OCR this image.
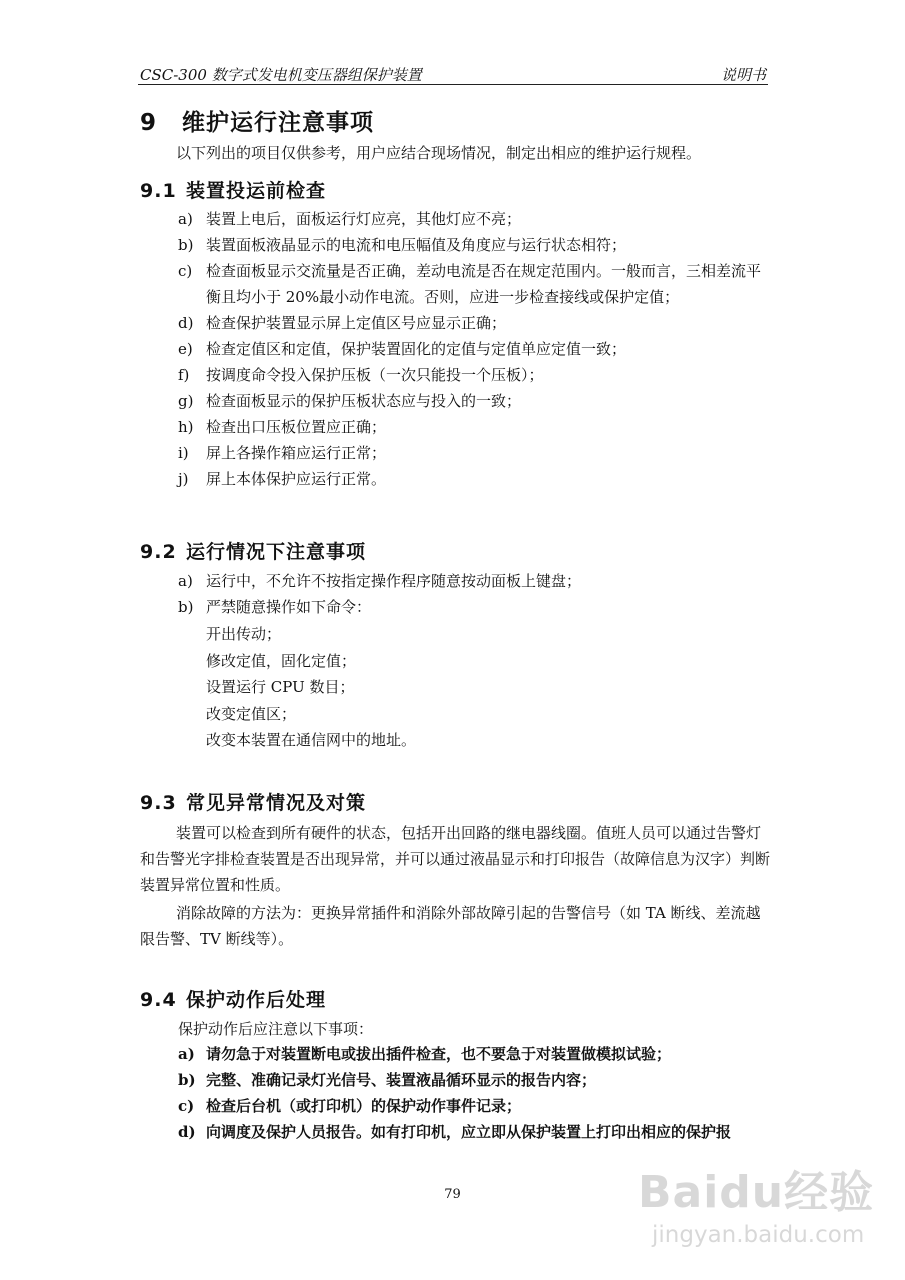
CSC-300 数字式发电机变压器组保护装置	说明书
9 维护运行注意事项
以下列出的项目仅供参考，用户应结合现场情况，制定出相应的维护运行规程。
9.1 装置投运前检查
a) 装置上电后，面板运行灯应亮，其他灯应不亮；
b) 装置面板液晶显示的电流和电压幅值及角度应与运行状态相符；
c) 检查面板显示交流量是否正确，差动电流是否在规定范围内。一般而言，三相差流平衡且均小于 20%最小动作电流。否则，应进一步检查接线或保护定值；
d) 检查保护装置显示屏上定值区号应显示正确；
e) 检查定值区和定值，保护装置固化的定值与定值单应定值一致；
f) 按调度命令投入保护压板（一次只能投一个压板）；
g) 检查面板显示的保护压板状态应与投入的一致；
h) 检查出口压板位置应正确；
i) 屏上各操作箱应运行正常；
j) 屏上本体保护应运行正常。
9.2 运行情况下注意事项
a) 运行中，不允许不按指定操作程序随意按动面板上键盘；
b) 严禁随意操作如下命令：
开出传动；
修改定值，固化定值；
设置运行 CPU 数目；
改变定值区；
改变本装置在通信网中的地址。
9.3 常见异常情况及对策
装置可以检查到所有硬件的状态，包括开出回路的继电器线圈。值班人员可以通过告警灯和告警光字排检查装置是否出现异常，并可以通过液晶显示和打印报告（故障信息为汉字）判断装置异常位置和性质。
消除故障的方法为：更换异常插件和消除外部故障引起的告警信号（如 TA 断线、差流越限告警、TV 断线等）。
9.4 保护动作后处理
保护动作后应注意以下事项：
a) 请勿急于对装置断电或拔出插件检查，也不要急于对装置做模拟试验；
b) 完整、准确记录灯光信号、装置液晶循环显示的报告内容；
c) 检查后台机（或打印机）的保护动作事件记录；
d) 向调度及保护人员报告。如有打印机，应立即从保护装置上打印出相应的保护报
79	Baidu经验
jingyan.baidu.com
